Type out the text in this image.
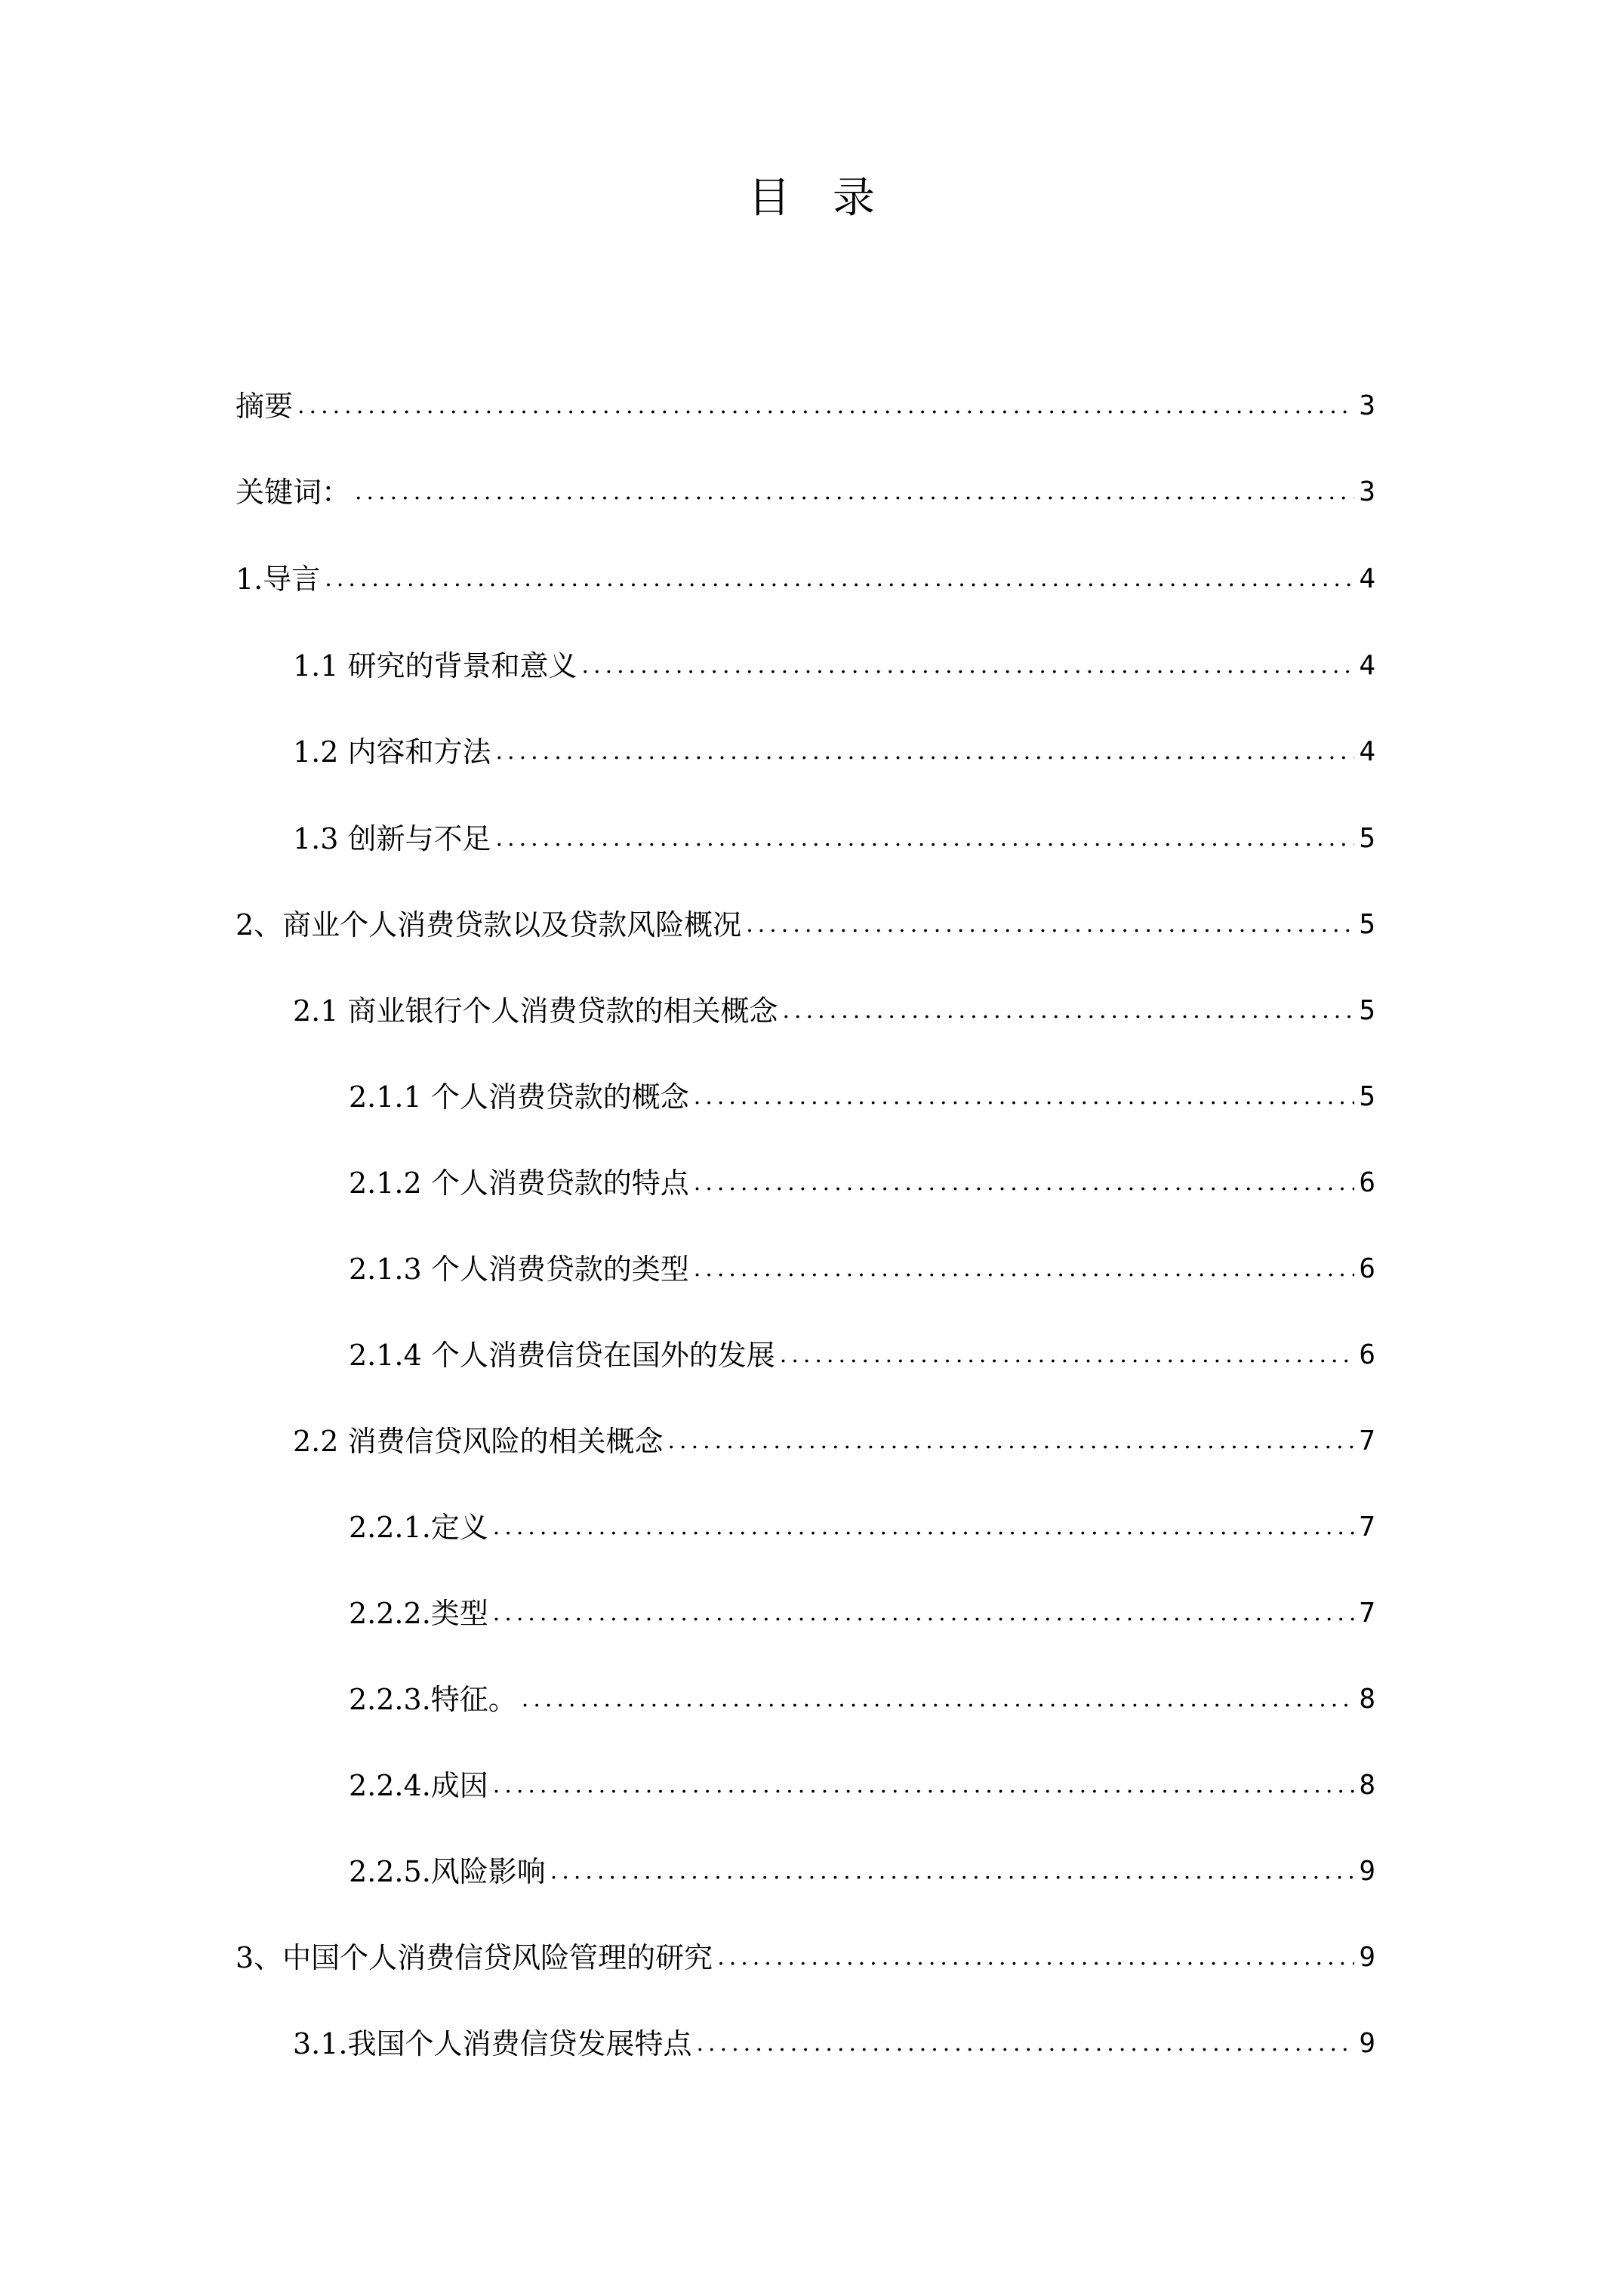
目 录
摘要 .....	3
关键词： .....	3
1.导言 .....	4
1.1 研究的背景和意义 .....	4
1.2 内容和方法 .....	4
1.3 创新与不足 .....	5
2、商业个人消费贷款以及贷款风险概况 .....	5
2.1 商业银行个人消费贷款的相关概念 .....	5
2.1.1 个人消费贷款的概念 .....	5
2.1.2 个人消费贷款的特点 .....	6
2.1.3 个人消费贷款的类型 .....	6
2.1.4 个人消费信贷在国外的发展 .....	6
2.2 消费信贷风险的相关概念 .....	7
2.2.1.定义 .....	7
2.2.2.类型 .....	7
2.2.3.特征。 .....	8
2.2.4.成因 .....	8
2.2.5.风险影响 .....	9
3、中国个人消费信贷风险管理的研究 .....	9
3.1.我国个人消费信贷发展特点 .....	9
